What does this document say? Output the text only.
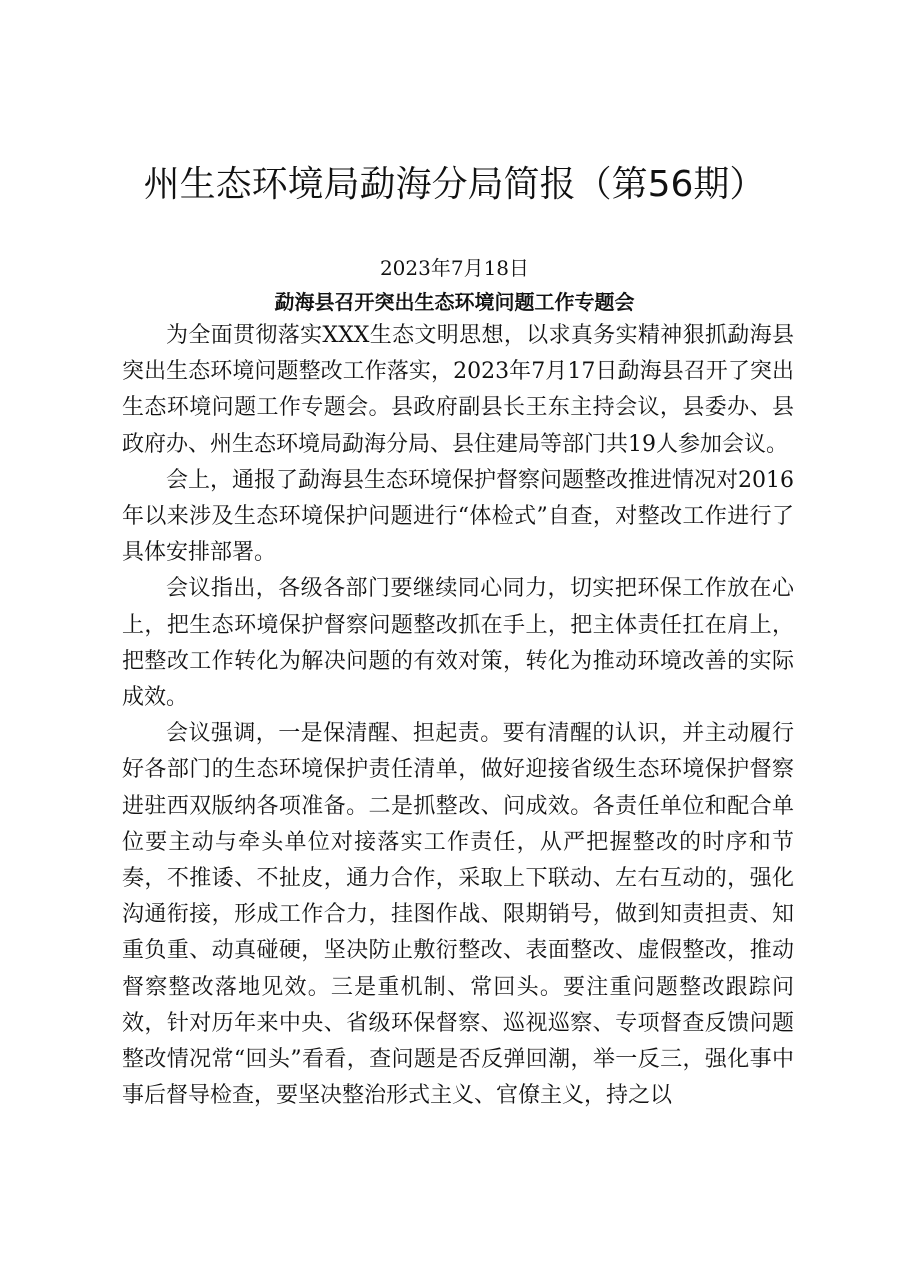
州生态环境局勐海分局简报（第56期）
2023年7月18日
勐海县召开突出生态环境问题工作专题会

为全面贯彻落实XXX生态文明思想，以求真务实精神狠抓勐海县突出生态环境问题整改工作落实，2023年7月17日勐海县召开了突出生态环境问题工作专题会。县政府副县长王东主持会议，县委办、县政府办、州生态环境局勐海分局、县住建局等部门共19人参加会议。

会上，通报了勐海县生态环境保护督察问题整改推进情况对2016年以来涉及生态环境保护问题进行“体检式”自查，对整改工作进行了具体安排部署。

会议指出，各级各部门要继续同心同力，切实把环保工作放在心上，把生态环境保护督察问题整改抓在手上，把主体责任扛在肩上，把整改工作转化为解决问题的有效对策，转化为推动环境改善的实际成效。

会议强调，一是保清醒、担起责。要有清醒的认识，并主动履行好各部门的生态环境保护责任清单，做好迎接省级生态环境保护督察进驻西双版纳各项准备。二是抓整改、问成效。各责任单位和配合单位要主动与牵头单位对接落实工作责任，从严把握整改的时序和节奏，不推诿、不扯皮，通力合作，采取上下联动、左右互动的，强化沟通衔接，形成工作合力，挂图作战、限期销号，做到知责担责、知重负重、动真碰硬，坚决防止敷衍整改、表面整改、虚假整改，推动督察整改落地见效。三是重机制、常回头。要注重问题整改跟踪问效，针对历年来中央、省级环保督察、巡视巡察、专项督查反馈问题整改情况常“回头”看看，查问题是否反弹回潮，举一反三，强化事中事后督导检查，要坚决整治形式主义、官僚主义，持之以
